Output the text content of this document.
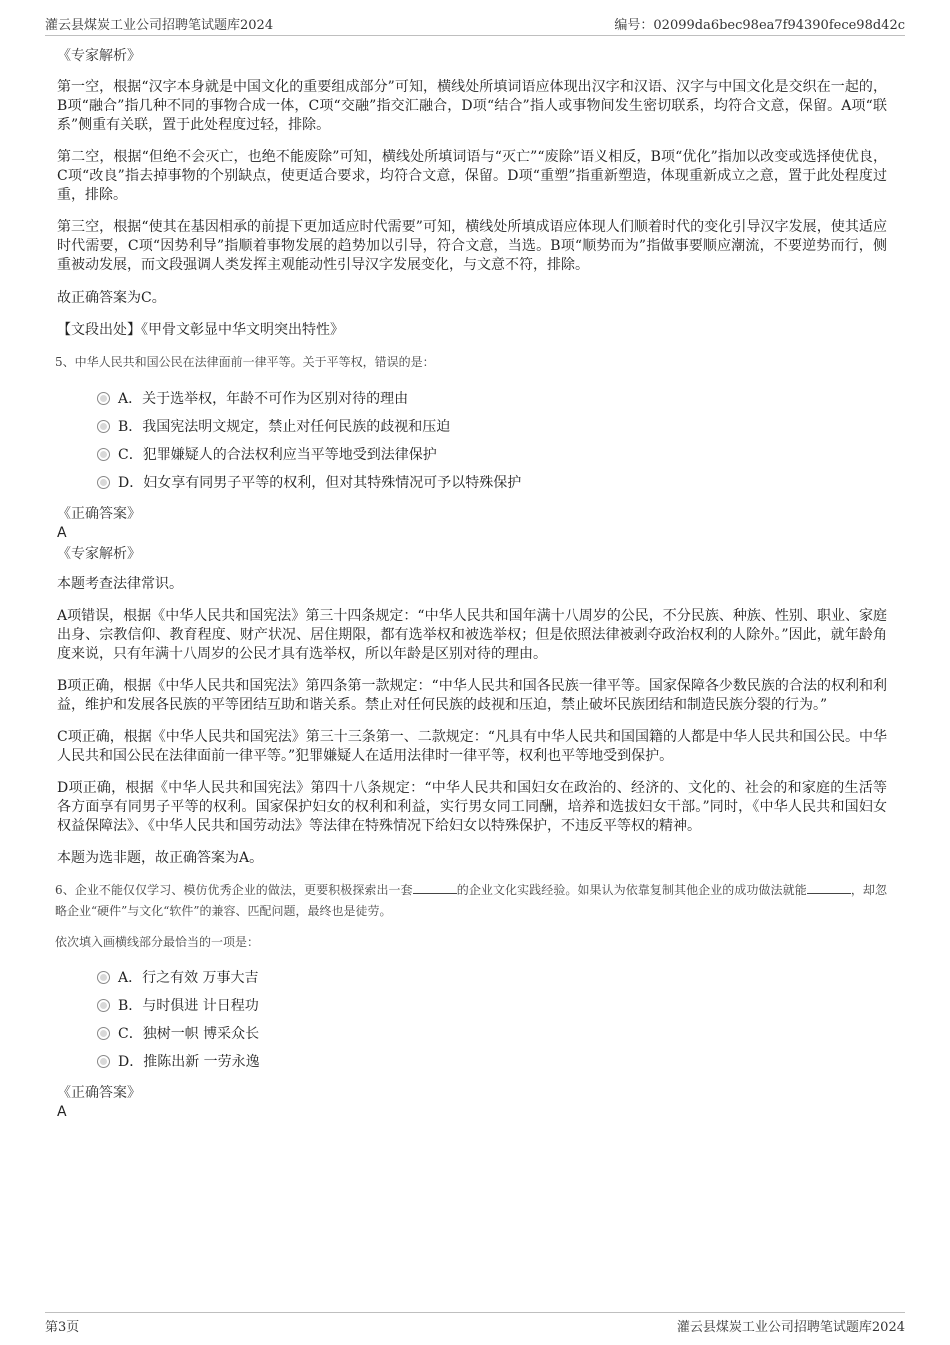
灌云县煤炭工业公司招聘笔试题库2024	编号：02099da6bec98ea7f94390fece98d42c
《专家解析》
第一空，根据“汉字本身就是中国文化的重要组成部分”可知，横线处所填词语应体现出汉字和汉语、汉字与中国文化是交织在一起的，B项“融合”指几种不同的事物合成一体，C项“交融”指交汇融合，D项“结合”指人或事物间发生密切联系，均符合文意，保留。A项“联系”侧重有关联，置于此处程度过轻，排除。
第二空，根据“但绝不会灭亡，也绝不能废除”可知，横线处所填词语与“灭亡”“废除”语义相反，B项“优化”指加以改变或选择使优良，C项“改良”指去掉事物的个别缺点，使更适合要求，均符合文意，保留。D项“重塑”指重新塑造，体现重新成立之意，置于此处程度过重，排除。
第三空，根据“使其在基因相承的前提下更加适应时代需要”可知，横线处所填成语应体现人们顺着时代的变化引导汉字发展，使其适应时代需要，C项“因势利导”指顺着事物发展的趋势加以引导，符合文意，当选。B项“顺势而为”指做事要顺应潮流，不要逆势而行，侧重被动发展，而文段强调人类发挥主观能动性引导汉字发展变化，与文意不符，排除。
故正确答案为C。
【文段出处】《甲骨文彰显中华文明突出特性》
5、中华人民共和国公民在法律面前一律平等。关于平等权，错误的是：
A．关于选举权，年龄不可作为区别对待的理由
B．我国宪法明文规定，禁止对任何民族的歧视和压迫
C．犯罪嫌疑人的合法权利应当平等地受到法律保护
D．妇女享有同男子平等的权利，但对其特殊情况可予以特殊保护
《正确答案》
A
《专家解析》
本题考查法律常识。
A项错误，根据《中华人民共和国宪法》第三十四条规定：“中华人民共和国年满十八周岁的公民，不分民族、种族、性别、职业、家庭出身、宗教信仰、教育程度、财产状况、居住期限，都有选举权和被选举权；但是依照法律被剥夺政治权利的人除外。”因此，就年龄角度来说，只有年满十八周岁的公民才具有选举权，所以年龄是区别对待的理由。
B项正确，根据《中华人民共和国宪法》第四条第一款规定：“中华人民共和国各民族一律平等。国家保障各少数民族的合法的权利和利益，维护和发展各民族的平等团结互助和谐关系。禁止对任何民族的歧视和压迫，禁止破坏民族团结和制造民族分裂的行为。”
C项正确，根据《中华人民共和国宪法》第三十三条第一、二款规定：“凡具有中华人民共和国国籍的人都是中华人民共和国公民。中华人民共和国公民在法律面前一律平等。”犯罪嫌疑人在适用法律时一律平等，权利也平等地受到保护。
D项正确，根据《中华人民共和国宪法》第四十八条规定：“中华人民共和国妇女在政治的、经济的、文化的、社会的和家庭的生活等各方面享有同男子平等的权利。国家保护妇女的权利和利益，实行男女同工同酬，培养和选拔妇女干部。”同时，《中华人民共和国妇女权益保障法》、《中华人民共和国劳动法》等法律在特殊情况下给妇女以特殊保护，不违反平等权的精神。
本题为选非题，故正确答案为A。
6、企业不能仅仅学习、模仿优秀企业的做法，更要积极探索出一套	的企业文化实践经验。如果认为依靠复制其他企业的成功做法就能	，却忽略企业“硬件”与文化“软件”的兼容、匹配问题，最终也是徒劳。
依次填入画横线部分最恰当的一项是：
A．行之有效 万事大吉
B．与时俱进 计日程功
C．独树一帜 博采众长
D．推陈出新 一劳永逸
《正确答案》
A
第3页	灌云县煤炭工业公司招聘笔试题库2024
